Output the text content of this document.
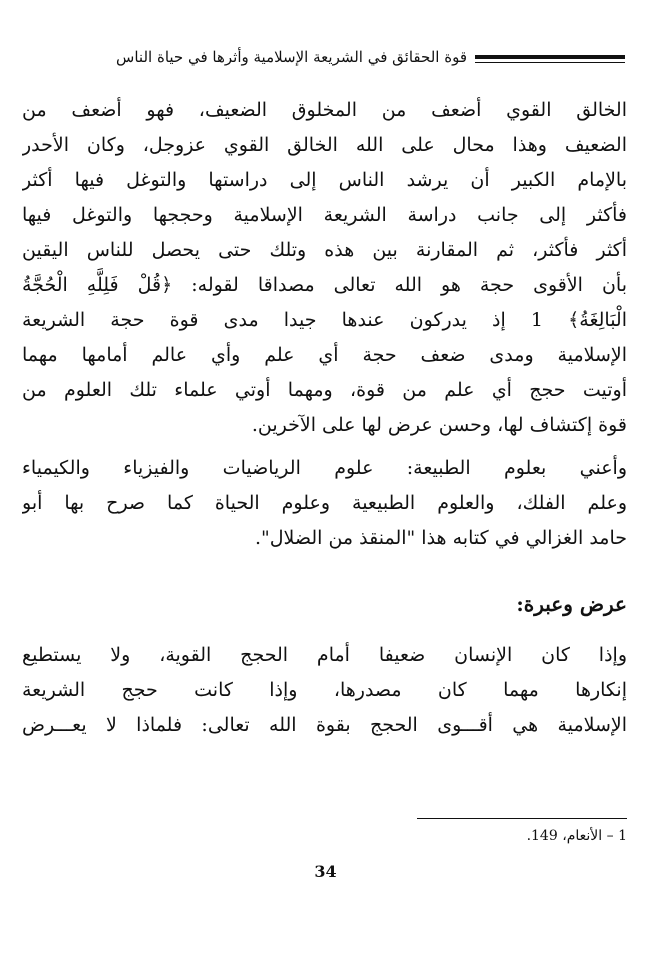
قوة الحقائق في الشريعة الإسلامية وأثرها في حياة الناس

الخالق القوي أضعف من المخلوق الضعيف، فهو أضعف من

الضعيف وهذا محال على الله الخالق القوي عزوجل، وكان الأحدر

بالإمام الكبير أن يرشد الناس إلى دراستها والتوغل فيها أكثر

فأكثر إلى جانب دراسة الشريعة الإسلامية وحججها والتوغل فيها

أكثر فأكثر، ثم المقارنة بين هذه وتلك حتى يحصل للناس اليقين

بأن الأقوى حجة هو الله تعالى مصداقا لقوله: ﴿قُلْ فَلِلَّهِ الْحُجَّةُ

الْبَالِغَةُ﴾ 1 إذ يدركون عندها جيدا مدى قوة حجة الشريعة

الإسلامية ومدى ضعف حجة أي علم وأي عالم أمامها مهما

أوتيت حجج أي علم من قوة، ومهما أوتي علماء تلك العلوم من

قوة إكتشاف لها، وحسن عرض لها على الآخرين.

وأعني بعلوم الطبيعة: علوم الرياضيات والفيزياء والكيمياء

وعلم الفلك، والعلوم الطبيعية وعلوم الحياة كما صرح بها أبو

حامد الغزالي في كتابه هذا "المنقذ من الضلال".

عرض وعبرة:

وإذا كان الإنسان ضعيفا أمام الحجج القوية، ولا يستطيع

إنكارها مهما كان مصدرها، وإذا كانت حجج الشريعة

الإسلامية هي أقـــوى الحجج بقوة الله تعالى: فلماذا لا يعـــرض

1 – الأنعام، 149.
34
